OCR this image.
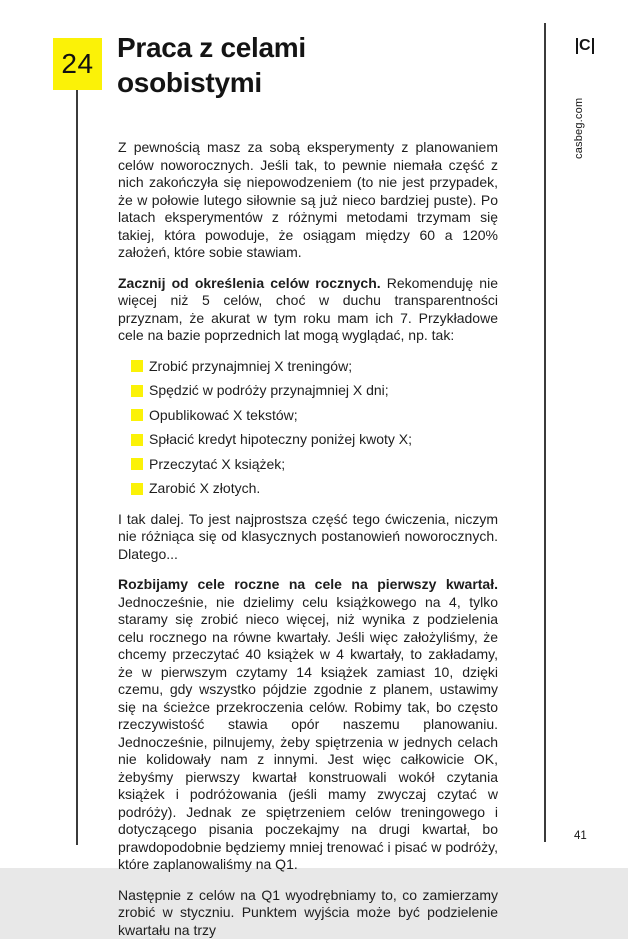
24
Praca z celami osobistymi
C
casbeg.com
41

Z pewnością masz za sobą eksperymenty z planowaniem celów noworocznych. Jeśli tak, to pewnie niemała część z nich zakończyła się niepowodzeniem (to nie jest przypadek, że w połowie lutego siłownie są już nieco bardziej puste). Po latach eksperymentów z różnymi metodami trzymam się takiej, która powoduje, że osiągam między 60 a 120% założeń, które sobie stawiam.

Zacznij od określenia celów rocznych. Rekomenduję nie więcej niż 5 celów, choć w duchu transparentności przyznam, że akurat w tym roku mam ich 7. Przykładowe cele na bazie poprzednich lat mogą wyglądać, np. tak:

Zrobić przynajmniej X treningów;
Spędzić w podróży przynajmniej X dni;
Opublikować X tekstów;
Spłacić kredyt hipoteczny poniżej kwoty X;
Przeczytać X książek;
Zarobić X złotych.

I tak dalej. To jest najprostsza część tego ćwiczenia, niczym nie różniąca się od klasycznych postanowień noworocznych. Dlatego...

Rozbijamy cele roczne na cele na pierwszy kwartał. Jednocześnie, nie dzielimy celu książkowego na 4, tylko staramy się zrobić nieco więcej, niż wynika z podzielenia celu rocznego na równe kwartały. Jeśli więc założyliśmy, że chcemy przeczytać 40 książek w 4 kwartały, to zakładamy, że w pierwszym czytamy 14 książek zamiast 10, dzięki czemu, gdy wszystko pójdzie zgodnie z planem, ustawimy się na ścieżce przekroczenia celów. Robimy tak, bo często rzeczywistość stawia opór naszemu planowaniu. Jednocześnie, pilnujemy, żeby spiętrzenia w jednych celach nie kolidowały nam z innymi. Jest więc całkowicie OK, żebyśmy pierwszy kwartał konstruowali wokół czytania książek i podróżowania (jeśli mamy zwyczaj czytać w podróży). Jednak ze spiętrzeniem celów treningowego i dotyczącego pisania poczekajmy na drugi kwartał, bo prawdopodobnie będziemy mniej trenować i pisać w podróży, które zaplanowaliśmy na Q1.

Następnie z celów na Q1 wyodrębniamy to, co zamierzamy zrobić w styczniu. Punktem wyjścia może być podzielenie kwartału na trzy
